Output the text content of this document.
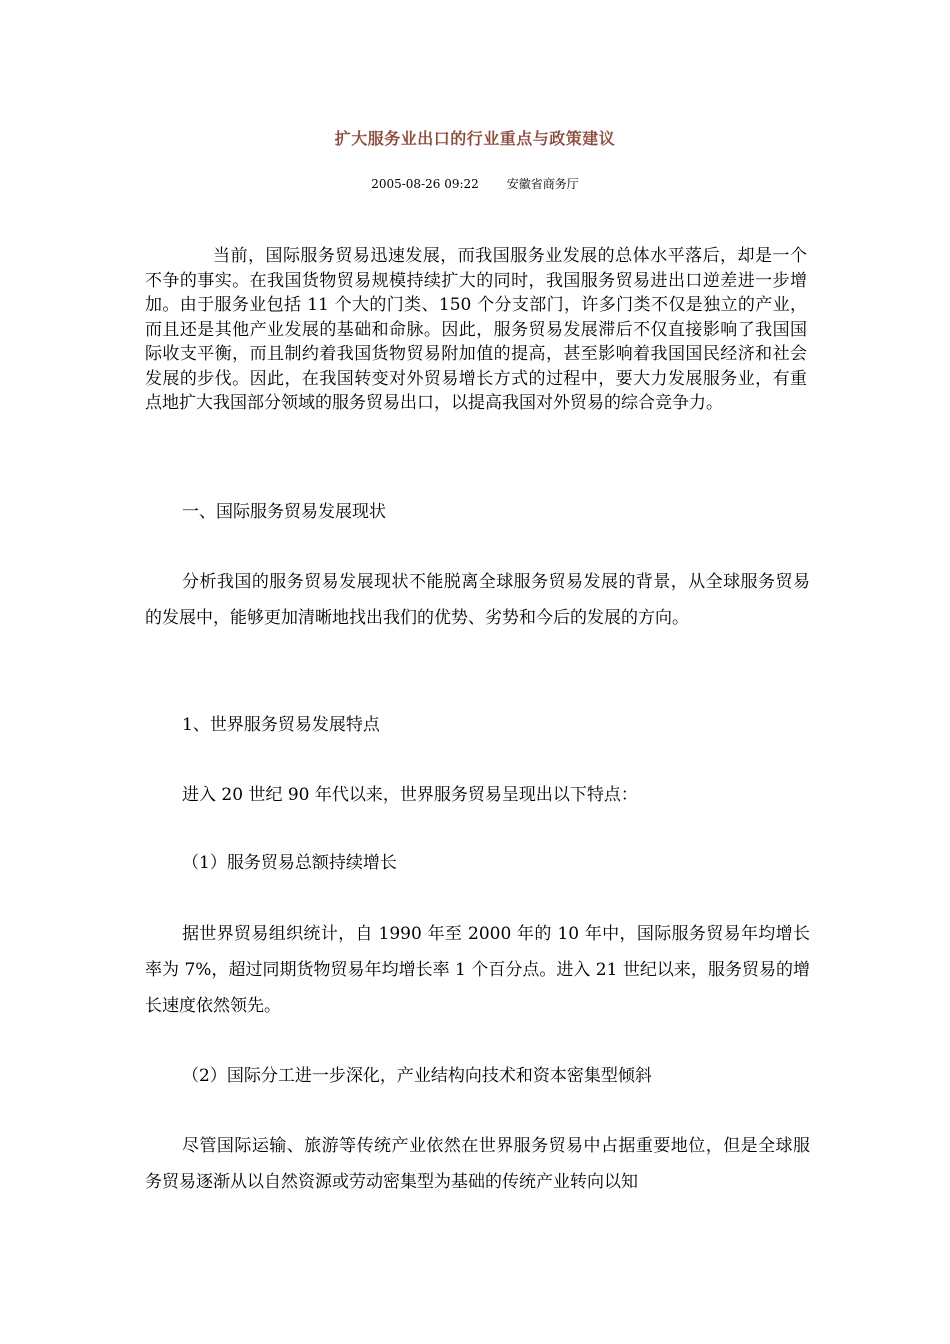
扩大服务业出口的行业重点与政策建议
2005-08-26 09:22 安徽省商务厅

当前，国际服务贸易迅速发展，而我国服务业发展的总体水平落后，却是一个不争的事实。在我国货物贸易规模持续扩大的同时，我国服务贸易进出口逆差进一步增加。由于服务业包括 11 个大的门类、150 个分支部门，许多门类不仅是独立的产业，而且还是其他产业发展的基础和命脉。因此，服务贸易发展滞后不仅直接影响了我国国际收支平衡，而且制约着我国货物贸易附加值的提高，甚至影响着我国国民经济和社会发展的步伐。因此，在我国转变对外贸易增长方式的过程中，要大力发展服务业，有重点地扩大我国部分领域的服务贸易出口，以提高我国对外贸易的综合竞争力。

一、国际服务贸易发展现状

分析我国的服务贸易发展现状不能脱离全球服务贸易发展的背景，从全球服务贸易的发展中，能够更加清晰地找出我们的优势、劣势和今后的发展的方向。

1、世界服务贸易发展特点

进入 20 世纪 90 年代以来，世界服务贸易呈现出以下特点：

（1）服务贸易总额持续增长

据世界贸易组织统计，自 1990 年至 2000 年的 10 年中，国际服务贸易年均增长率为 7%，超过同期货物贸易年均增长率 1 个百分点。进入 21 世纪以来，服务贸易的增长速度依然领先。

（2）国际分工进一步深化，产业结构向技术和资本密集型倾斜

尽管国际运输、旅游等传统产业依然在世界服务贸易中占据重要地位，但是全球服务贸易逐渐从以自然资源或劳动密集型为基础的传统产业转向以知
